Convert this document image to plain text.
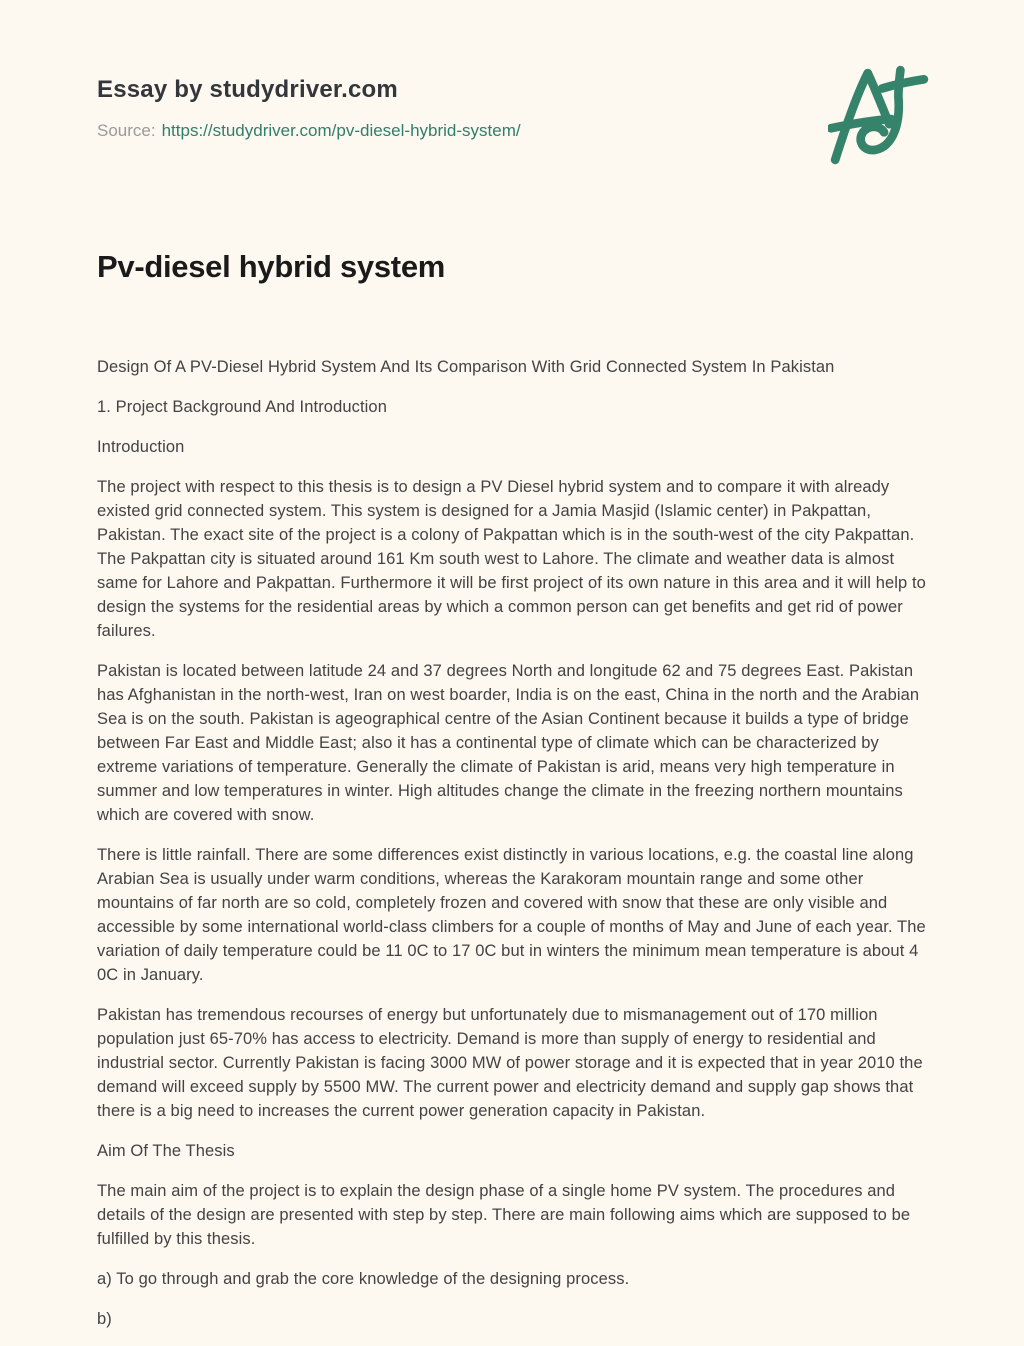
Essay by studydriver.com

Source: https://studydriver.com/pv-diesel-hybrid-system/

Pv-diesel hybrid system

Design Of A PV-Diesel Hybrid System And Its Comparison With Grid Connected System In Pakistan

1. Project Background And Introduction

Introduction

The project with respect to this thesis is to design a PV Diesel hybrid system and to compare it with already existed grid connected system. This system is designed for a Jamia Masjid (Islamic center) in Pakpattan, Pakistan. The exact site of the project is a colony of Pakpattan which is in the south-west of the city Pakpattan. The Pakpattan city is situated around 161 Km south west to Lahore. The climate and weather data is almost same for Lahore and Pakpattan. Furthermore it will be first project of its own nature in this area and it will help to design the systems for the residential areas by which a common person can get benefits and get rid of power failures.

Pakistan is located between latitude 24 and 37 degrees North and longitude 62 and 75 degrees East. Pakistan has Afghanistan in the north-west, Iran on west boarder, India is on the east, China in the north and the Arabian Sea is on the south. Pakistan is ageographical centre of the Asian Continent because it builds a type of bridge between Far East and Middle East; also it has a continental type of climate which can be characterized by extreme variations of temperature. Generally the climate of Pakistan is arid, means very high temperature in summer and low temperatures in winter. High altitudes change the climate in the freezing northern mountains which are covered with snow.

There is little rainfall. There are some differences exist distinctly in various locations, e.g. the coastal line along Arabian Sea is usually under warm conditions, whereas the Karakoram mountain range and some other mountains of far north are so cold, completely frozen and covered with snow that these are only visible and accessible by some international world-class climbers for a couple of months of May and June of each year. The variation of daily temperature could be 11 0C to 17 0C but in winters the minimum mean temperature is about 4 0C in January.

Pakistan has tremendous recourses of energy but unfortunately due to mismanagement out of 170 million population just 65-70% has access to electricity. Demand is more than supply of energy to residential and industrial sector. Currently Pakistan is facing 3000 MW of power storage and it is expected that in year 2010 the demand will exceed supply by 5500 MW. The current power and electricity demand and supply gap shows that there is a big need to increases the current power generation capacity in Pakistan.

Aim Of The Thesis

The main aim of the project is to explain the design phase of a single home PV system. The procedures and details of the design are presented with step by step. There are main following aims which are supposed to be fulfilled by this thesis.

a) To go through and grab the core knowledge of the designing process.

b)
